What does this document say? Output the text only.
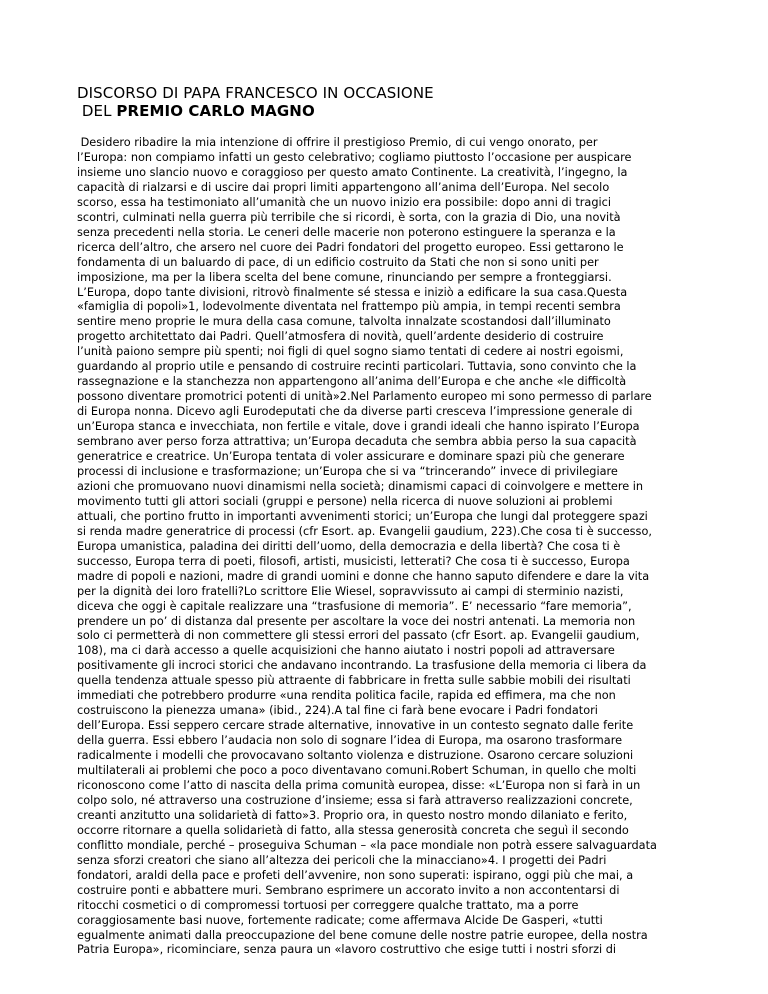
DISCORSO DI PAPA FRANCESCO IN OCCASIONE
DEL PREMIO CARLO MAGNO

Desidero ribadire la mia intenzione di offrire il prestigioso Premio, di cui vengo onorato, per
l’Europa: non compiamo infatti un gesto celebrativo; cogliamo piuttosto l’occasione per auspicare
insieme uno slancio nuovo e coraggioso per questo amato Continente. La creatività, l’ingegno, la
capacità di rialzarsi e di uscire dai propri limiti appartengono all’anima dell’Europa. Nel secolo
scorso, essa ha testimoniato all’umanità che un nuovo inizio era possibile: dopo anni di tragici
scontri, culminati nella guerra più terribile che si ricordi, è sorta, con la grazia di Dio, una novità
senza precedenti nella storia. Le ceneri delle macerie non poterono estinguere la speranza e la
ricerca dell’altro, che arsero nel cuore dei Padri fondatori del progetto europeo. Essi gettarono le
fondamenta di un baluardo di pace, di un edificio costruito da Stati che non si sono uniti per
imposizione, ma per la libera scelta del bene comune, rinunciando per sempre a fronteggiarsi.
L’Europa, dopo tante divisioni, ritrovò finalmente sé stessa e iniziò a edificare la sua casa.Questa
«famiglia di popoli»1, lodevolmente diventata nel frattempo più ampia, in tempi recenti sembra
sentire meno proprie le mura della casa comune, talvolta innalzate scostandosi dall’illuminato
progetto architettato dai Padri. Quell’atmosfera di novità, quell’ardente desiderio di costruire
l’unità paiono sempre più spenti; noi figli di quel sogno siamo tentati di cedere ai nostri egoismi,
guardando al proprio utile e pensando di costruire recinti particolari. Tuttavia, sono convinto che la
rassegnazione e la stanchezza non appartengono all’anima dell’Europa e che anche «le difficoltà
possono diventare promotrici potenti di unità»2.Nel Parlamento europeo mi sono permesso di parlare
di Europa nonna. Dicevo agli Eurodeputati che da diverse parti cresceva l’impressione generale di
un’Europa stanca e invecchiata, non fertile e vitale, dove i grandi ideali che hanno ispirato l’Europa
sembrano aver perso forza attrattiva; un’Europa decaduta che sembra abbia perso la sua capacità
generatrice e creatrice. Un’Europa tentata di voler assicurare e dominare spazi più che generare
processi di inclusione e trasformazione; un’Europa che si va “trincerando” invece di privilegiare
azioni che promuovano nuovi dinamismi nella società; dinamismi capaci di coinvolgere e mettere in
movimento tutti gli attori sociali (gruppi e persone) nella ricerca di nuove soluzioni ai problemi
attuali, che portino frutto in importanti avvenimenti storici; un’Europa che lungi dal proteggere spazi
si renda madre generatrice di processi (cfr Esort. ap. Evangelii gaudium, 223).Che cosa ti è successo,
Europa umanistica, paladina dei diritti dell’uomo, della democrazia e della libertà? Che cosa ti è
successo, Europa terra di poeti, filosofi, artisti, musicisti, letterati? Che cosa ti è successo, Europa
madre di popoli e nazioni, madre di grandi uomini e donne che hanno saputo difendere e dare la vita
per la dignità dei loro fratelli?Lo scrittore Elie Wiesel, sopravvissuto ai campi di sterminio nazisti,
diceva che oggi è capitale realizzare una “trasfusione di memoria”. E’ necessario “fare memoria”,
prendere un po’ di distanza dal presente per ascoltare la voce dei nostri antenati. La memoria non
solo ci permetterà di non commettere gli stessi errori del passato (cfr Esort. ap. Evangelii gaudium,
108), ma ci darà accesso a quelle acquisizioni che hanno aiutato i nostri popoli ad attraversare
positivamente gli incroci storici che andavano incontrando. La trasfusione della memoria ci libera da
quella tendenza attuale spesso più attraente di fabbricare in fretta sulle sabbie mobili dei risultati
immediati che potrebbero produrre «una rendita politica facile, rapida ed effimera, ma che non
costruiscono la pienezza umana» (ibid., 224).A tal fine ci farà bene evocare i Padri fondatori
dell’Europa. Essi seppero cercare strade alternative, innovative in un contesto segnato dalle ferite
della guerra. Essi ebbero l’audacia non solo di sognare l’idea di Europa, ma osarono trasformare
radicalmente i modelli che provocavano soltanto violenza e distruzione. Osarono cercare soluzioni
multilaterali ai problemi che poco a poco diventavano comuni.Robert Schuman, in quello che molti
riconoscono come l’atto di nascita della prima comunità europea, disse: «L’Europa non si farà in un
colpo solo, né attraverso una costruzione d’insieme; essa si farà attraverso realizzazioni concrete,
creanti anzitutto una solidarietà di fatto»3. Proprio ora, in questo nostro mondo dilaniato e ferito,
occorre ritornare a quella solidarietà di fatto, alla stessa generosità concreta che seguì il secondo
conflitto mondiale, perché – proseguiva Schuman – «la pace mondiale non potrà essere salvaguardata
senza sforzi creatori che siano all’altezza dei pericoli che la minacciano»4. I progetti dei Padri
fondatori, araldi della pace e profeti dell’avvenire, non sono superati: ispirano, oggi più che mai, a
costruire ponti e abbattere muri. Sembrano esprimere un accorato invito a non accontentarsi di
ritocchi cosmetici o di compromessi tortuosi per correggere qualche trattato, ma a porre
coraggiosamente basi nuove, fortemente radicate; come affermava Alcide De Gasperi, «tutti
egualmente animati dalla preoccupazione del bene comune delle nostre patrie europee, della nostra
Patria Europa», ricominciare, senza paura un «lavoro costruttivo che esige tutti i nostri sforzi di
